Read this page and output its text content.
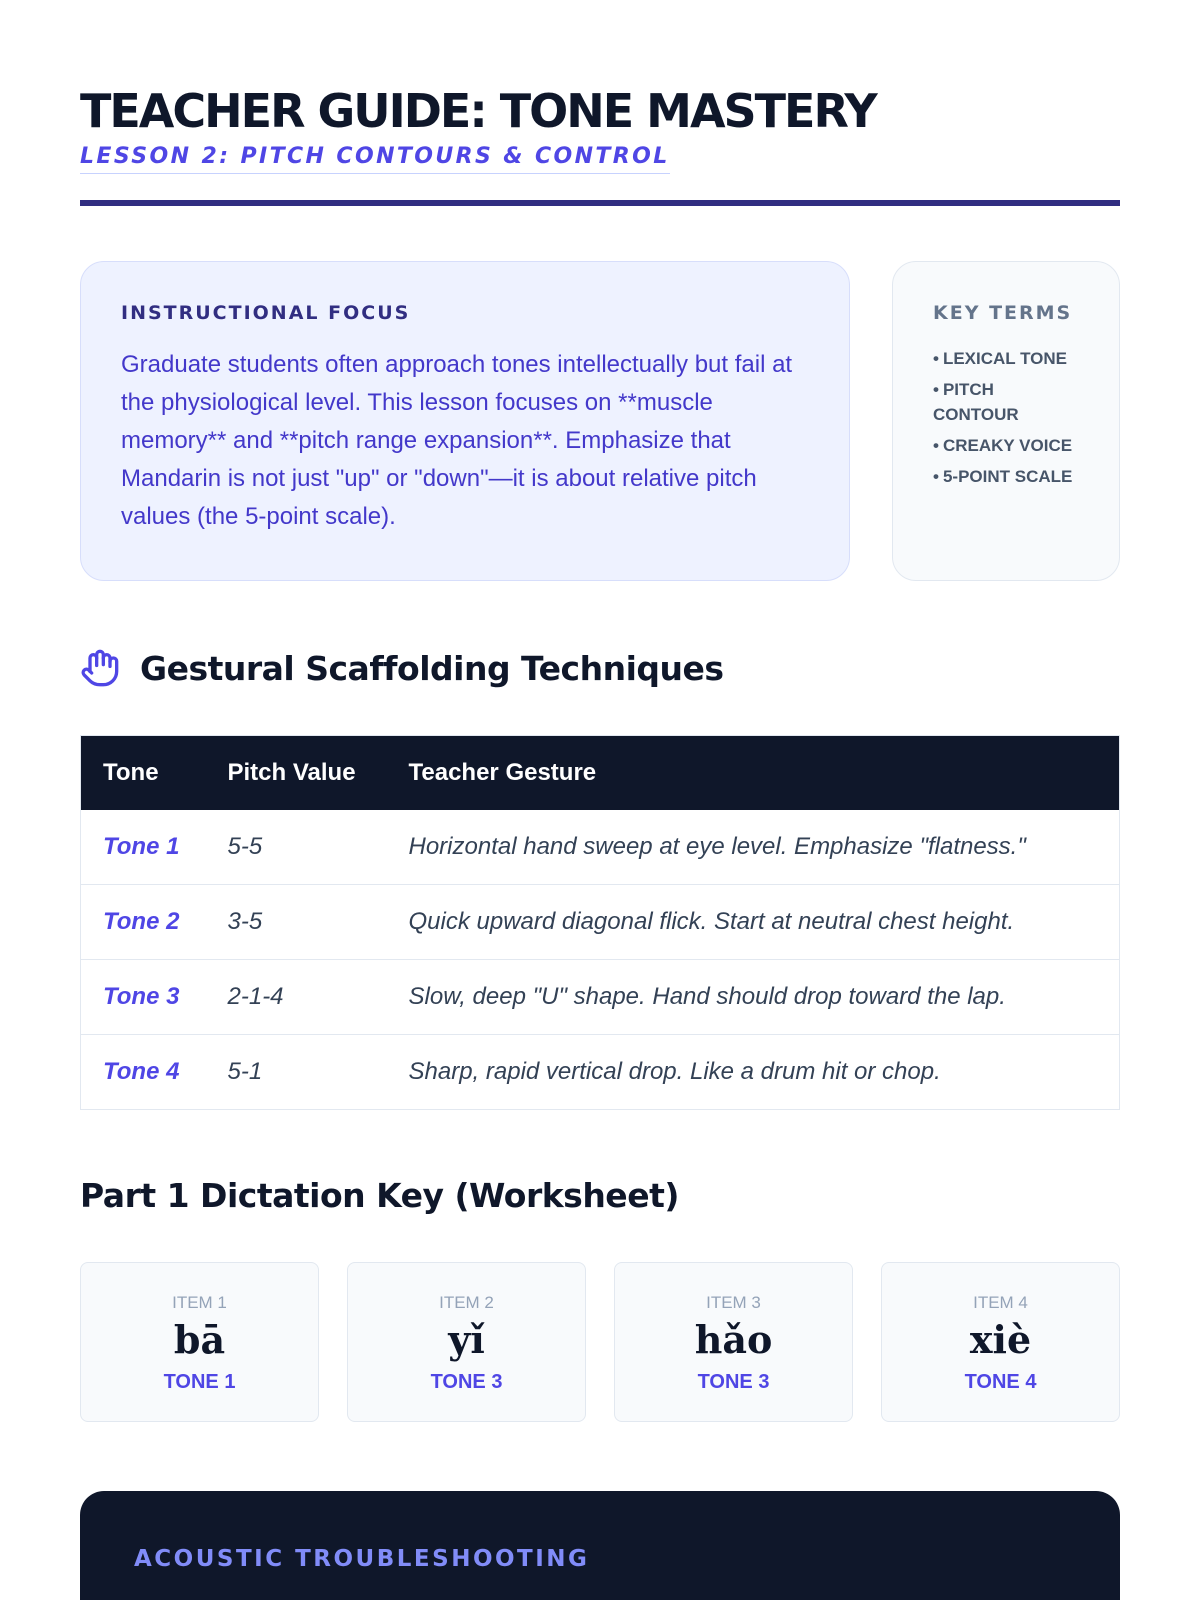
TEACHER GUIDE: TONE MASTERY
LESSON 2: PITCH CONTOURS & CONTROL
INSTRUCTIONAL FOCUS

Graduate students often approach tones intellectually but fail at the physiological level. This lesson focuses on **muscle memory** and **pitch range expansion**. Emphasize that Mandarin is not just "up" or "down"—it is about relative pitch values (the 5-point scale).

KEY TERMS
• LEXICAL TONE
• PITCH CONTOUR
• CREAKY VOICE
• 5-POINT SCALE
Gestural Scaffolding Techniques
Tone	Pitch Value	Teacher Gesture
Tone 1	5-5	Horizontal hand sweep at eye level. Emphasize "flatness."
Tone 2	3-5	Quick upward diagonal flick. Start at neutral chest height.
Tone 3	2-1-4	Slow, deep "U" shape. Hand should drop toward the lap.
Tone 4	5-1	Sharp, rapid vertical drop. Like a drum hit or chop.
Part 1 Dictation Key (Worksheet)
ITEM 1
bā
TONE 1
ITEM 2
yǐ
TONE 3
ITEM 3
hǎo
TONE 3
ITEM 4
xiè
TONE 4
ACOUSTIC TROUBLESHOOTING
